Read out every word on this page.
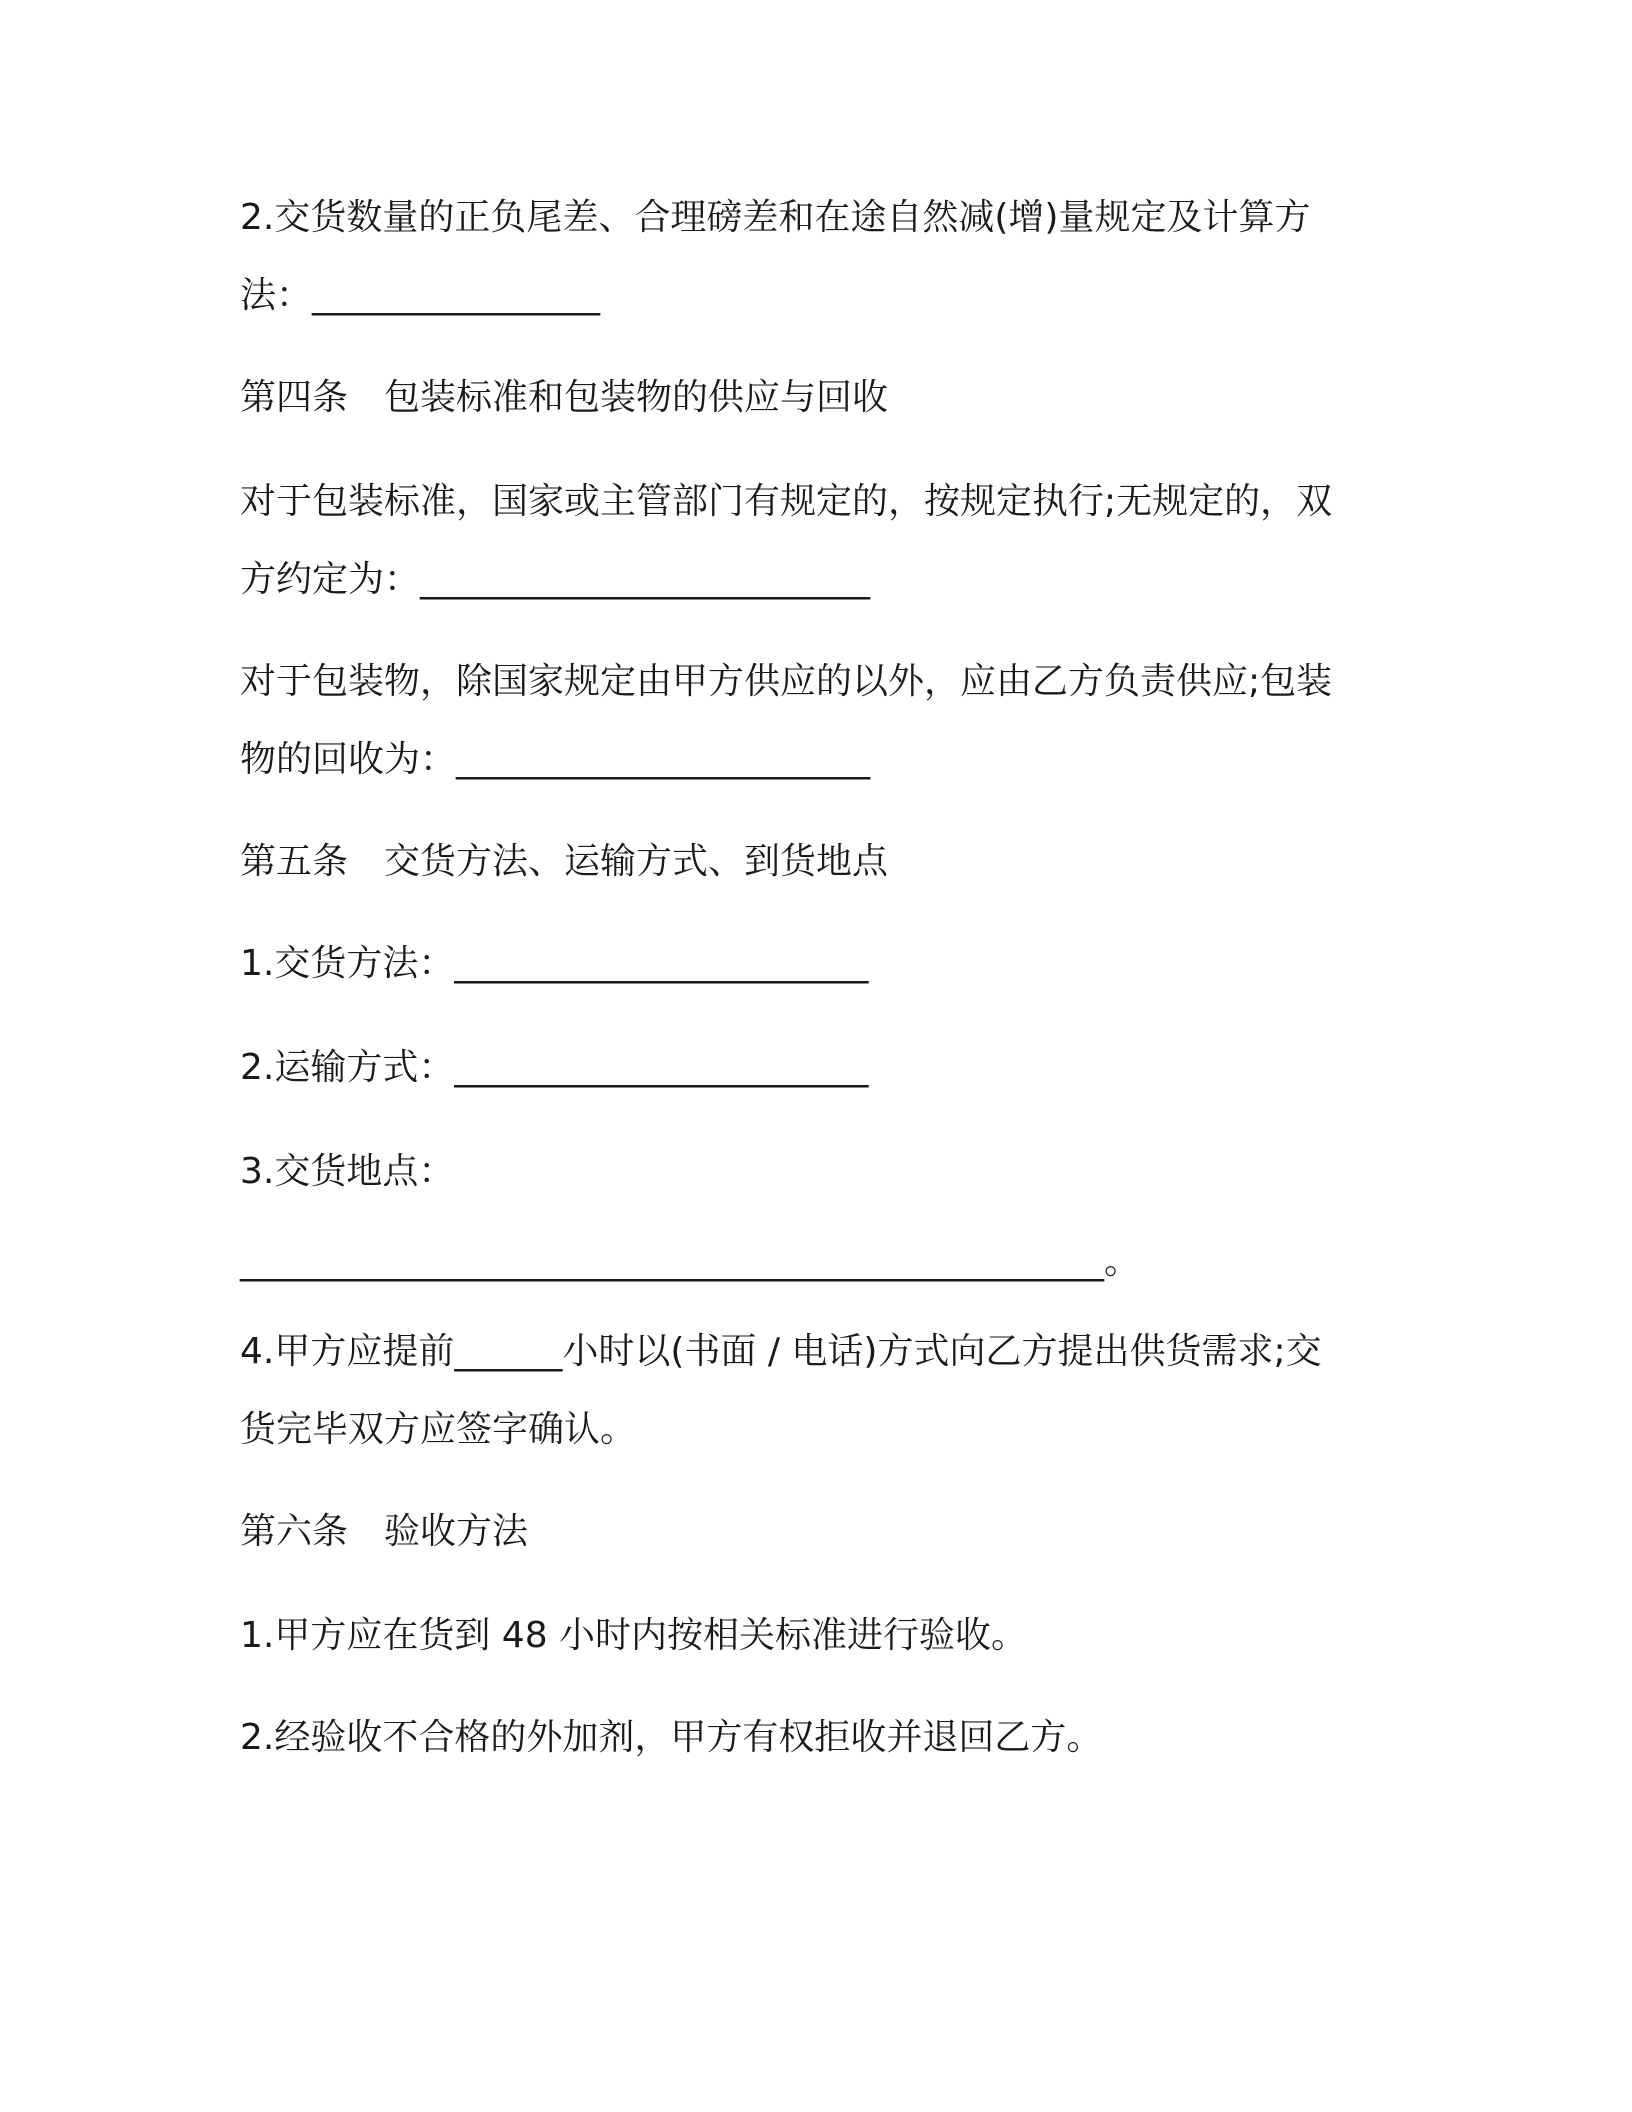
2.交货数量的正负尾差、合理磅差和在途自然减(增)量规定及计算方
法：________________
第四条　包装标准和包装物的供应与回收
对于包装标准，国家或主管部门有规定的，按规定执行;无规定的，双
方约定为：_________________________
对于包装物，除国家规定由甲方供应的以外，应由乙方负责供应;包装
物的回收为：_______________________
第五条　交货方法、运输方式、到货地点
1.交货方法：_______________________
2.运输方式：_______________________
3.交货地点：
________________________________________________。
4.甲方应提前______小时以(书面 / 电话)方式向乙方提出供货需求;交
货完毕双方应签字确认。
第六条　验收方法
1.甲方应在货到 48 小时内按相关标准进行验收。
2.经验收不合格的外加剂，甲方有权拒收并退回乙方。
